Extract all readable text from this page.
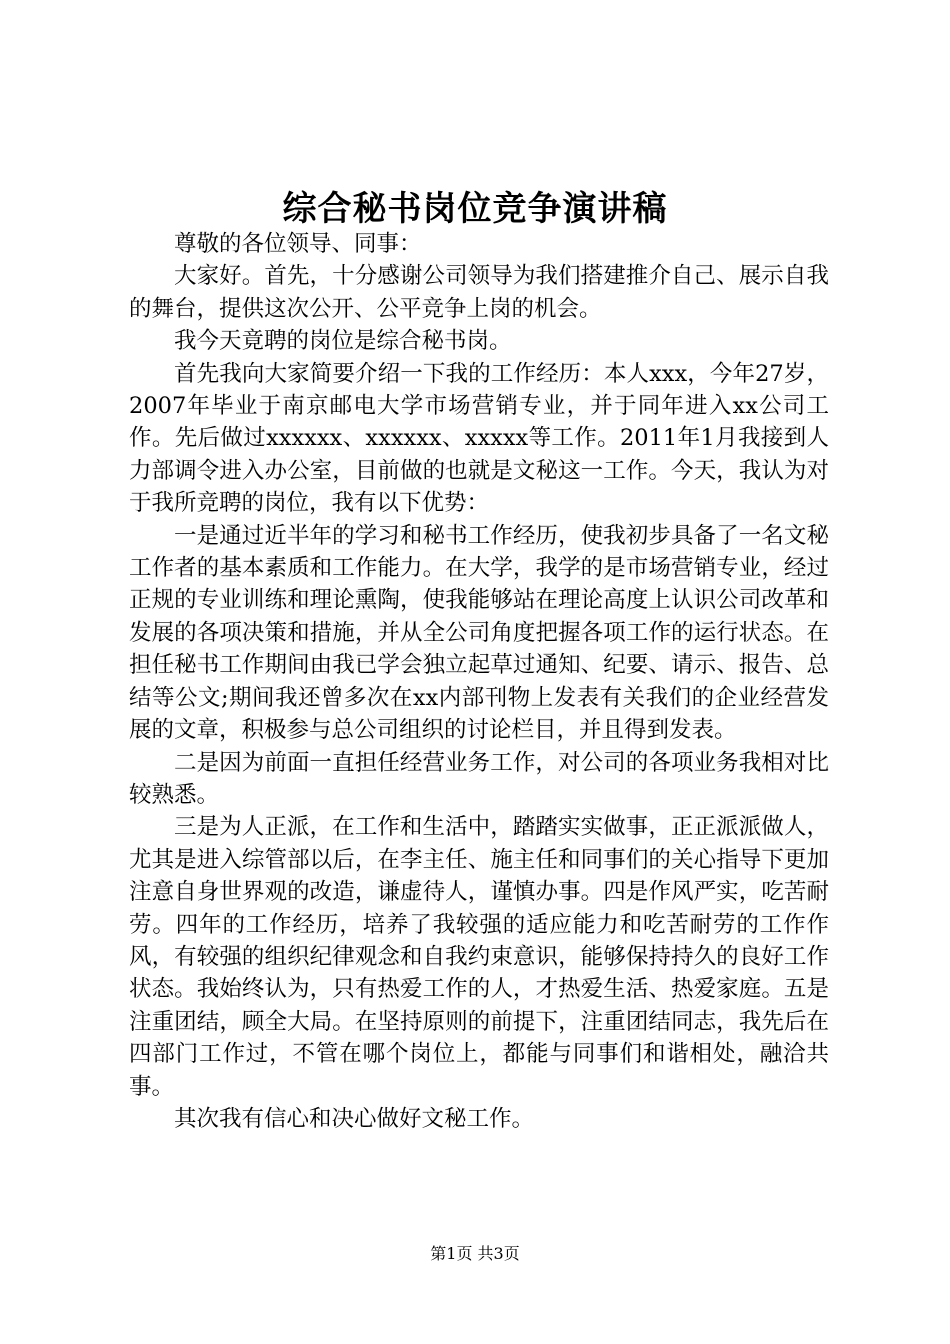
综合秘书岗位竞争演讲稿

尊敬的各位领导、同事：

大家好。首先，十分感谢公司领导为我们搭建推介自己、展示自我的舞台，提供这次公开、公平竞争上岗的机会。

我今天竟聘的岗位是综合秘书岗。

首先我向大家简要介绍一下我的工作经历：本人xxx，今年27岁，2007年毕业于南京邮电大学市场营销专业，并于同年进入xx公司工作。先后做过xxxxxx、xxxxxx、xxxxx等工作。2011年1月我接到人力部调令进入办公室，目前做的也就是文秘这一工作。今天，我认为对于我所竞聘的岗位，我有以下优势：

一是通过近半年的学习和秘书工作经历，使我初步具备了一名文秘工作者的基本素质和工作能力。在大学，我学的是市场营销专业，经过正规的专业训练和理论熏陶，使我能够站在理论高度上认识公司改革和发展的各项决策和措施，并从全公司角度把握各项工作的运行状态。在担任秘书工作期间由我已学会独立起草过通知、纪要、请示、报告、总结等公文;期间我还曾多次在xx内部刊物上发表有关我们的企业经营发展的文章，积极参与总公司组织的讨论栏目，并且得到发表。

二是因为前面一直担任经营业务工作，对公司的各项业务我相对比较熟悉。

三是为人正派，在工作和生活中，踏踏实实做事，正正派派做人，尤其是进入综管部以后，在李主任、施主任和同事们的关心指导下更加注意自身世界观的改造，谦虚待人，谨慎办事。四是作风严实，吃苦耐劳。四年的工作经历，培养了我较强的适应能力和吃苦耐劳的工作作风，有较强的组织纪律观念和自我约束意识，能够保持持久的良好工作状态。我始终认为，只有热爱工作的人，才热爱生活、热爱家庭。五是注重团结，顾全大局。在坚持原则的前提下，注重团结同志，我先后在四部门工作过，不管在哪个岗位上，都能与同事们和谐相处，融洽共事。

其次我有信心和决心做好文秘工作。

第1页 共3页
